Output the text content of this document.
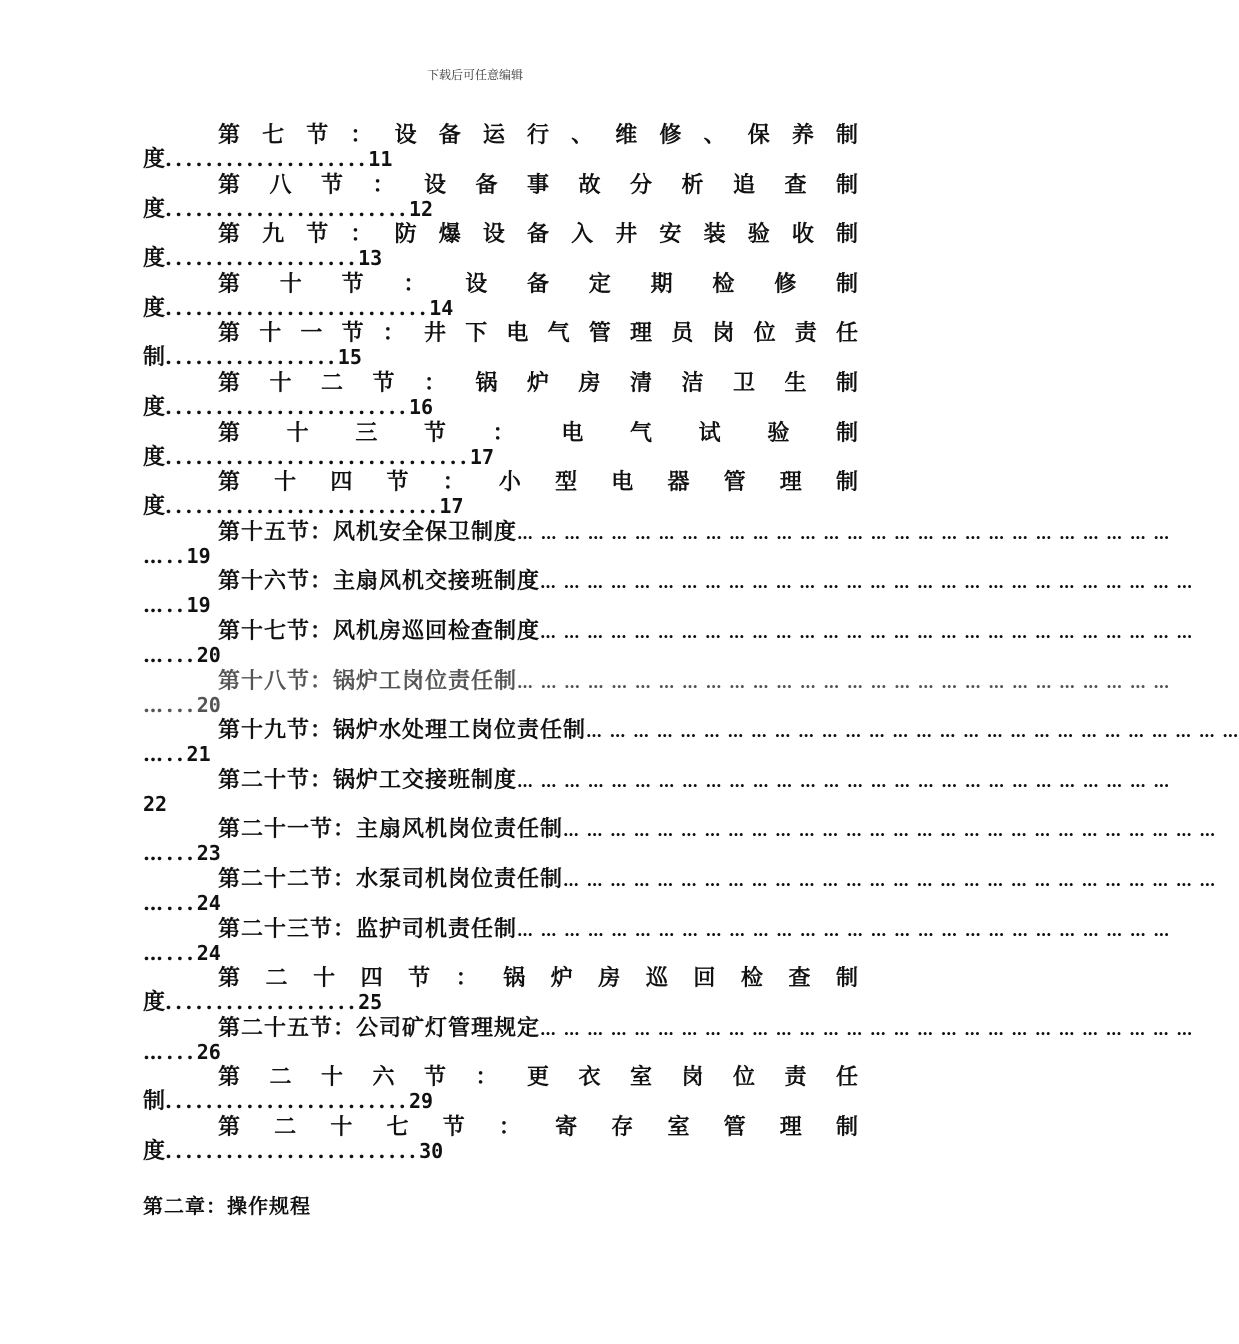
下载后可任意编辑
第 七 节 ： 设 备 运 行 、 维 修 、 保 养 制
度....................11
第 八 节 ： 设 备 事 故 分 析 追 查 制
度........................12
第 九 节 ： 防 爆 设 备 入 井 安 装 验 收 制
度...................13
第 十 节 ： 设 备 定 期 检 修 制
度..........................14
第 十 一 节 ： 井 下 电 气 管 理 员 岗 位 责 任
制.................15
第 十 二 节 ： 锅 炉 房 清 洁 卫 生 制
度........................16
第 十 三 节 ： 电 气 试 验 制
度..............................17
第 十 四 节 ： 小 型 电 器 管 理 制
度...........................17
第十五节：风机安全保卫制度 … … … … … … … … … … … … … … … … … … … … … … … … … … … …
…..19
第十六节：主扇风机交接班制度 … … … … … … … … … … … … … … … … … … … … … … … … … … … …
…..19
第十七节：风机房巡回检查制度 … … … … … … … … … … … … … … … … … … … … … … … … … … … …
…...20
第十八节：锅炉工岗位责任制 … … … … … … … … … … … … … … … … … … … … … … … … … … … …
…...20
第十九节：锅炉水处理工岗位责任制 … … … … … … … … … … … … … … … … … … … … … … … … … … … …
…..21
第二十节：锅炉工交接班制度 … … … … … … … … … … … … … … … … … … … … … … … … … … … …
22
第二十一节：主扇风机岗位责任制 … … … … … … … … … … … … … … … … … … … … … … … … … … … …
…...23
第二十二节：水泵司机岗位责任制 … … … … … … … … … … … … … … … … … … … … … … … … … … … …
…...24
第二十三节：监护司机责任制 … … … … … … … … … … … … … … … … … … … … … … … … … … … …
…...24
第 二 十 四 节 ： 锅 炉 房 巡 回 检 查 制
度...................25
第二十五节：公司矿灯管理规定 … … … … … … … … … … … … … … … … … … … … … … … … … … … …
…...26
第 二 十 六 节 ： 更 衣 室 岗 位 责 任
制........................29
第 二 十 七 节 ： 寄 存 室 管 理 制
度.........................30
第二章：操作规程
